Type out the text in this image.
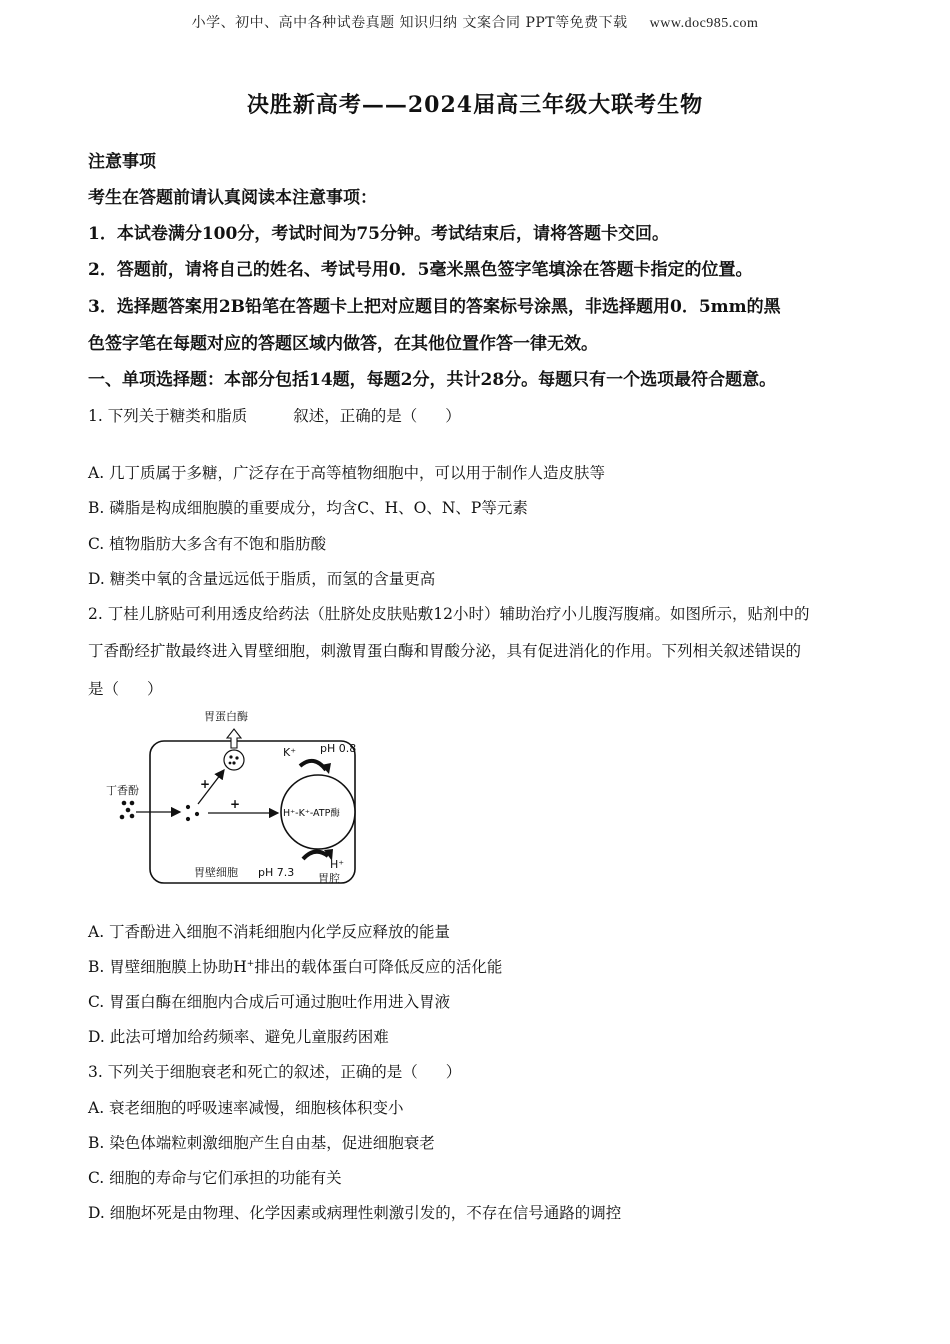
小学、初中、高中各种试卷真题 知识归纳 文案合同 PPT等免费下载 www.doc985.com
决胜新高考——2024届高三年级大联考生物
注意事项
考生在答题前请认真阅读本注意事项：
1．本试卷满分100分，考试时间为75分钟。考试结束后，请将答题卡交回。
2．答题前，请将自己的姓名、考试号用0．5毫米黑色签字笔填涂在答题卡指定的位置。
3．选择题答案用2B铅笔在答题卡上把对应题目的答案标号涂黑，非选择题用0．5mm的黑
色签字笔在每题对应的答题区域内做答，在其他位置作答一律无效。
一、单项选择题：本部分包括14题，每题2分，共计28分。每题只有一个选项最符合题意。
1. 下列关于糖类和脂质	叙述，正确的是（ ）
A. 几丁质属于多糖，广泛存在于高等植物细胞中，可以用于制作人造皮肤等
B. 磷脂是构成细胞膜的重要成分，均含C、H、O、N、P等元素
C. 植物脂肪大多含有不饱和脂肪酸
D. 糖类中氧的含量远远低于脂质，而氢的含量更高
2. 丁桂儿脐贴可利用透皮给药法（肚脐处皮肤贴敷12小时）辅助治疗小儿腹泻腹痛。如图所示，贴剂中的
丁香酚经扩散最终进入胃壁细胞，刺激胃蛋白酶和胃酸分泌，具有促进消化的作用。下列相关叙述错误的
是（ ）
胃蛋白酶
K⁺ pH 0.8
丁香酚	+
+
H⁺-K⁺-ATP酶
胃壁细胞 pH 7.3
H⁺
胃腔
A. 丁香酚进入细胞不消耗细胞内化学反应释放的能量
B. 胃壁细胞膜上协助H+排出的载体蛋白可降低反应的活化能
C. 胃蛋白酶在细胞内合成后可通过胞吐作用进入胃液
D. 此法可增加给药频率、避免儿童服药困难
3. 下列关于细胞衰老和死亡的叙述，正确的是（ ）
A. 衰老细胞的呼吸速率减慢，细胞核体积变小
B. 染色体端粒刺激细胞产生自由基，促进细胞衰老
C. 细胞的寿命与它们承担的功能有关
D. 细胞坏死是由物理、化学因素或病理性刺激引发的，不存在信号通路的调控
